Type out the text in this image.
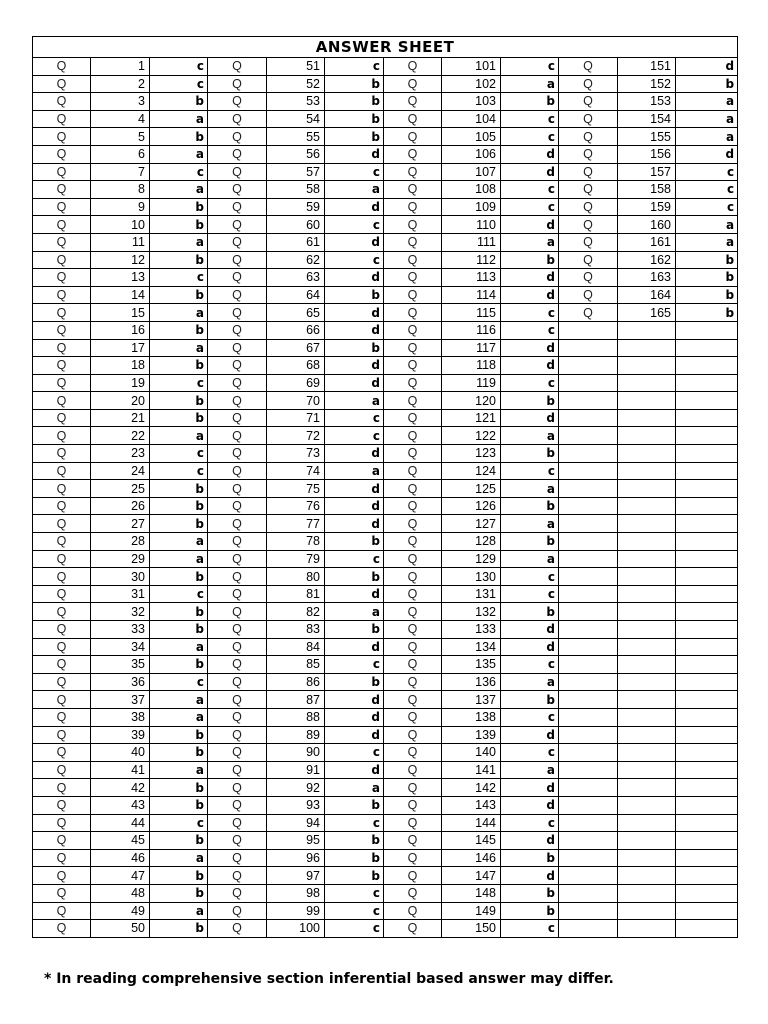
ANSWER SHEET											
Q	1	c	Q	51	c	Q	101	c	Q	151	d
Q	2	c	Q	52	b	Q	102	a	Q	152	b
Q	3	b	Q	53	b	Q	103	b	Q	153	a
Q	4	a	Q	54	b	Q	104	c	Q	154	a
Q	5	b	Q	55	b	Q	105	c	Q	155	a
Q	6	a	Q	56	d	Q	106	d	Q	156	d
Q	7	c	Q	57	c	Q	107	d	Q	157	c
Q	8	a	Q	58	a	Q	108	c	Q	158	c
Q	9	b	Q	59	d	Q	109	c	Q	159	c
Q	10	b	Q	60	c	Q	110	d	Q	160	a
Q	11	a	Q	61	d	Q	111	a	Q	161	a
Q	12	b	Q	62	c	Q	112	b	Q	162	b
Q	13	c	Q	63	d	Q	113	d	Q	163	b
Q	14	b	Q	64	b	Q	114	d	Q	164	b
Q	15	a	Q	65	d	Q	115	c	Q	165	b
Q	16	b	Q	66	d	Q	116	c			
Q	17	a	Q	67	b	Q	117	d			
Q	18	b	Q	68	d	Q	118	d			
Q	19	c	Q	69	d	Q	119	c			
Q	20	b	Q	70	a	Q	120	b			
Q	21	b	Q	71	c	Q	121	d			
Q	22	a	Q	72	c	Q	122	a			
Q	23	c	Q	73	d	Q	123	b			
Q	24	c	Q	74	a	Q	124	c			
Q	25	b	Q	75	d	Q	125	a			
Q	26	b	Q	76	d	Q	126	b			
Q	27	b	Q	77	d	Q	127	a			
Q	28	a	Q	78	b	Q	128	b			
Q	29	a	Q	79	c	Q	129	a			
Q	30	b	Q	80	b	Q	130	c			
Q	31	c	Q	81	d	Q	131	c			
Q	32	b	Q	82	a	Q	132	b			
Q	33	b	Q	83	b	Q	133	d			
Q	34	a	Q	84	d	Q	134	d			
Q	35	b	Q	85	c	Q	135	c			
Q	36	c	Q	86	b	Q	136	a			
Q	37	a	Q	87	d	Q	137	b			
Q	38	a	Q	88	d	Q	138	c			
Q	39	b	Q	89	d	Q	139	d			
Q	40	b	Q	90	c	Q	140	c			
Q	41	a	Q	91	d	Q	141	a			
Q	42	b	Q	92	a	Q	142	d			
Q	43	b	Q	93	b	Q	143	d			
Q	44	c	Q	94	c	Q	144	c			
Q	45	b	Q	95	b	Q	145	d			
Q	46	a	Q	96	b	Q	146	b			
Q	47	b	Q	97	b	Q	147	d			
Q	48	b	Q	98	c	Q	148	b			
Q	49	a	Q	99	c	Q	149	b			
Q	50	b	Q	100	c	Q	150	c			
* In reading comprehensive section inferential based answer may differ.
